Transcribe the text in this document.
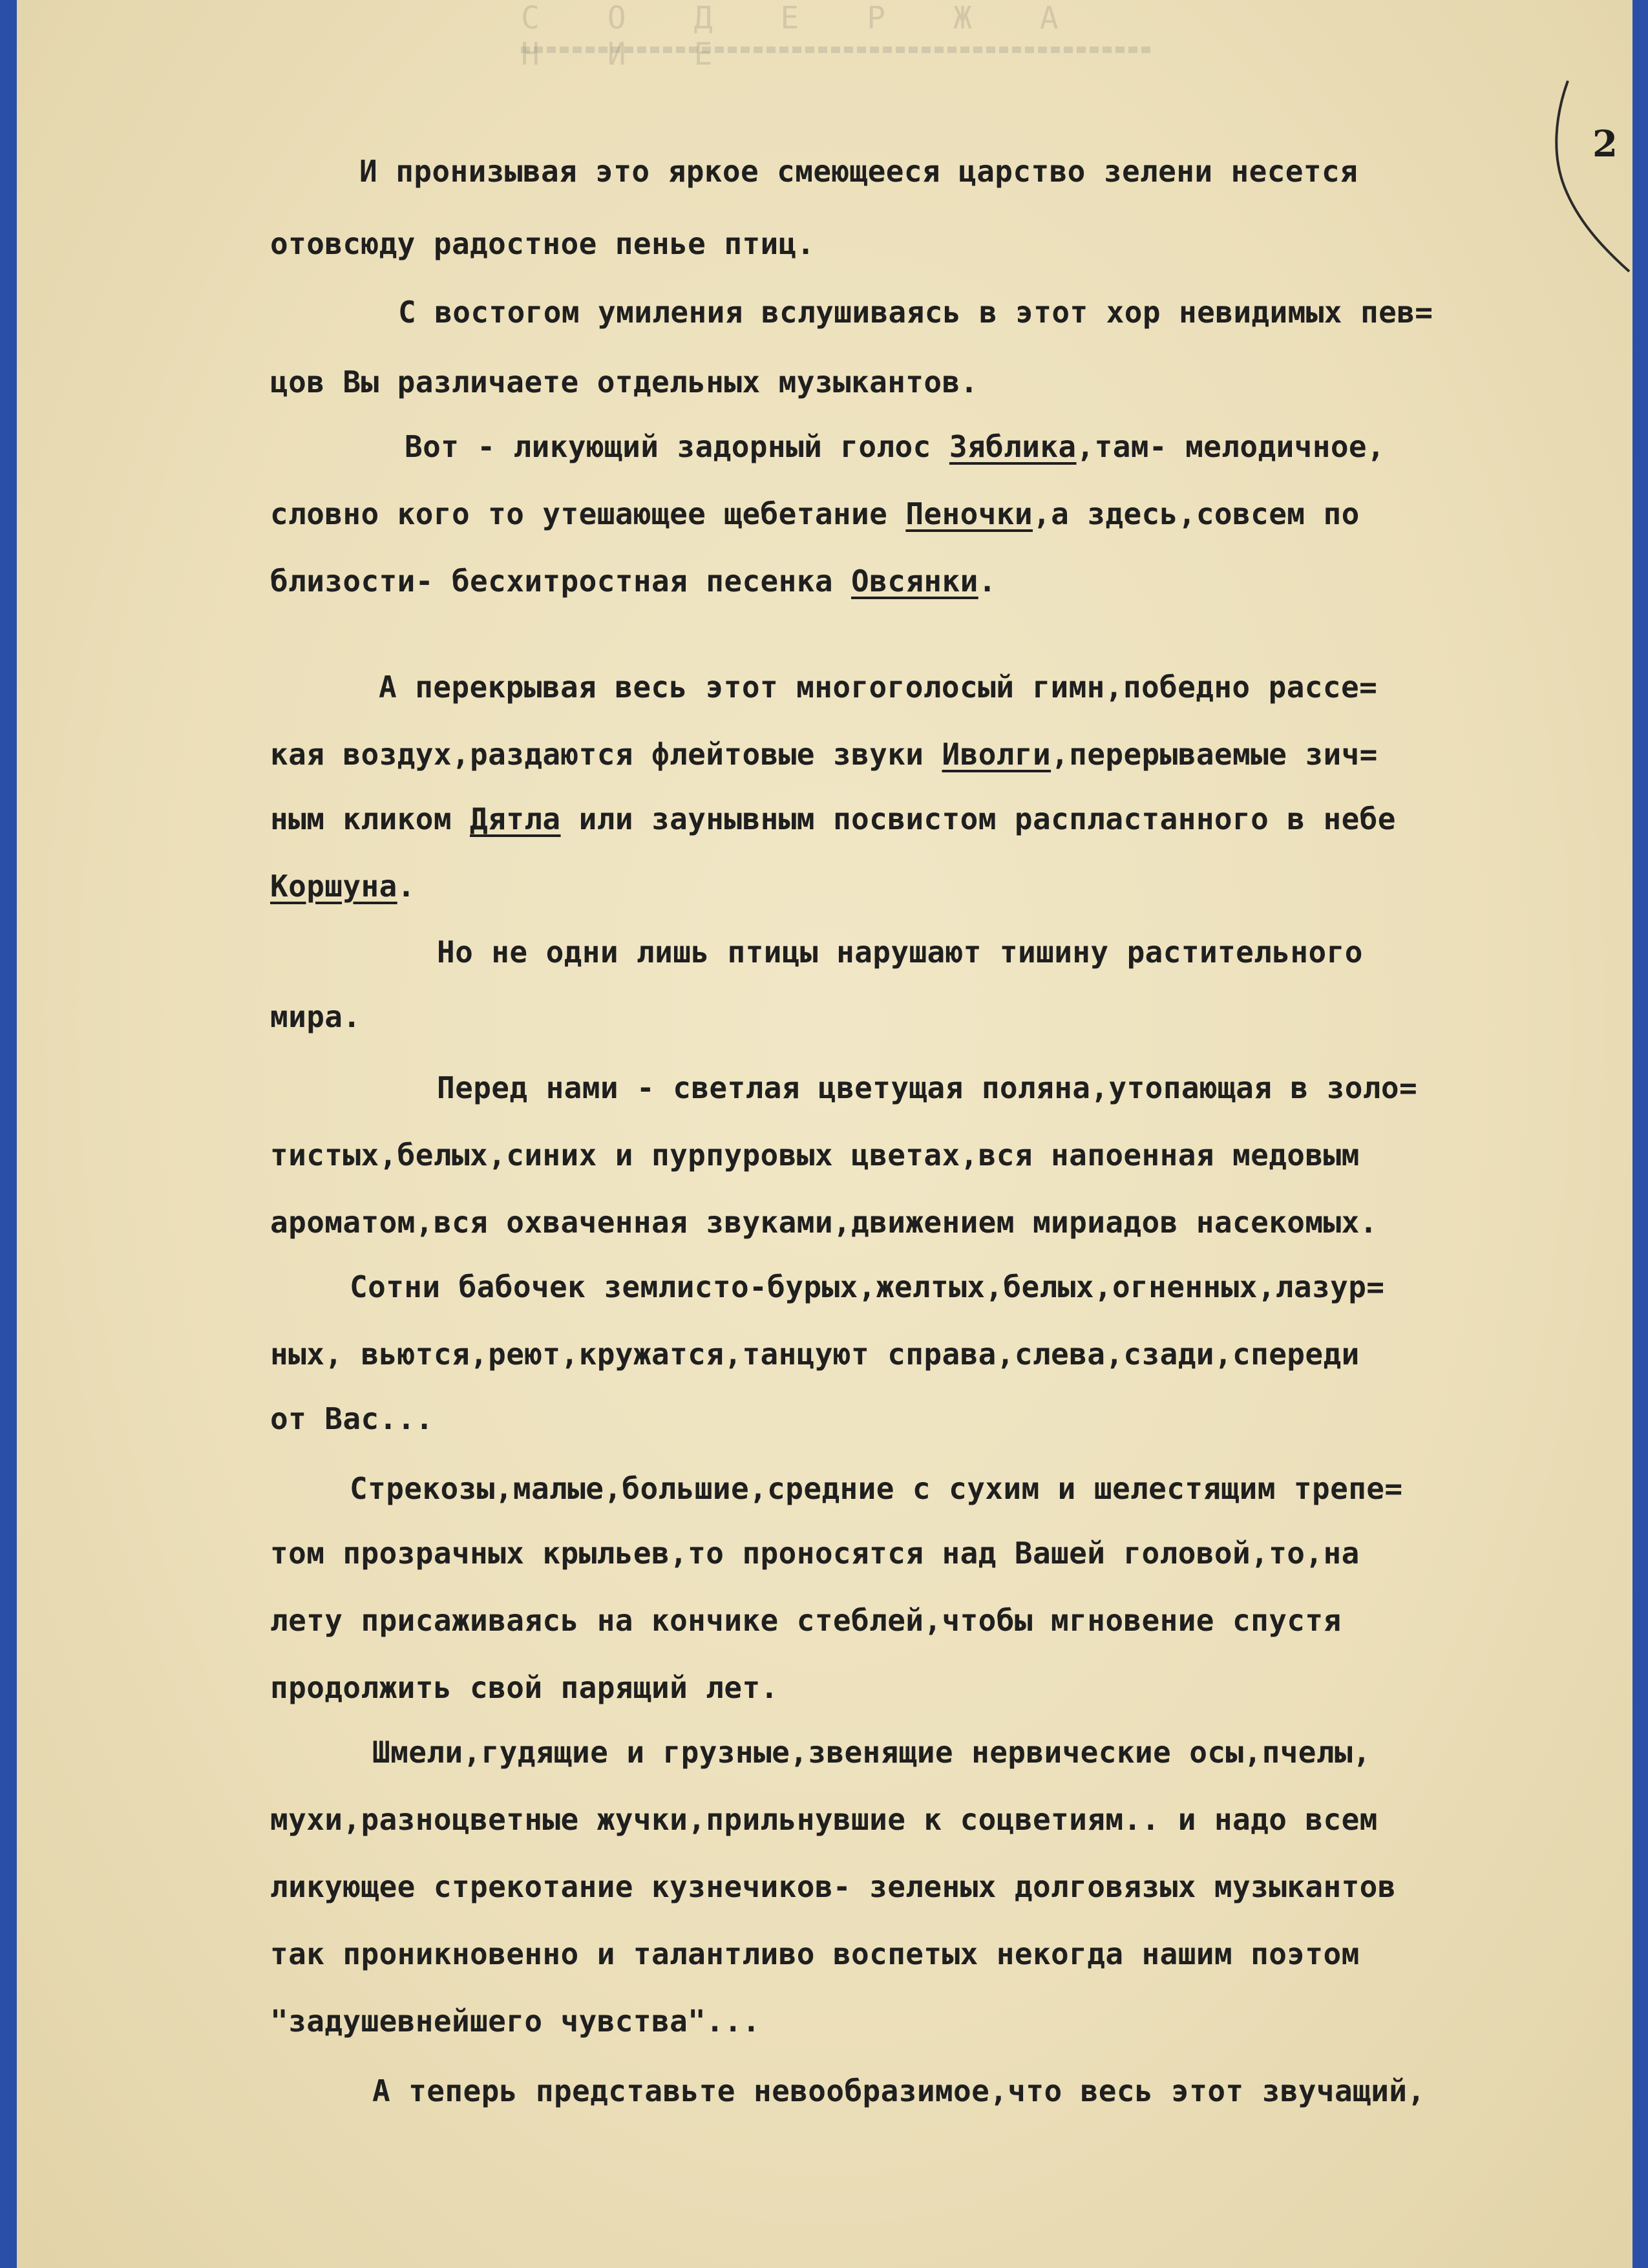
С О Д Е Р Ж А Н И Е
2
И пронизывая это яркое смеющееся царство зелени несется
отовсюду радостное пенье птиц.
С востогом умиления вслушиваясь в этот хор невидимых пев=
цов Вы различаете отдельных музыкантов.
Вот - ликующий задорный голос Зяблика,там- мелодичное,
словно кого то утешающее щебетание Пеночки,а здесь,совсем по
близости- бесхитростная песенка Овсянки.
А перекрывая весь этот многоголосый гимн,победно рассе=
кая воздух,раздаются флейтовые звуки Иволги,перерываемые зич=
ным кликом Дятла или заунывным посвистом распластанного в небе
Коршуна.
Но не одни лишь птицы нарушают тишину растительного
мира.
Перед нами - светлая цветущая поляна,утопающая в золо=
тистых,белых,синих и пурпуровых цветах,вся напоенная медовым
ароматом,вся охваченная звуками,движением мириадов насекомых.
Сотни бабочек землисто-бурых,желтых,белых,огненных,лазур=
ных, вьются,реют,кружатся,танцуют справа,слева,сзади,спереди
от Вас...
Стрекозы,малые,большие,средние с сухим и шелестящим трепе=
том прозрачных крыльев,то проносятся над Вашей головой,то,на
лету присаживаясь на кончике стеблей,чтобы мгновение спустя
продолжить свой парящий лет.
Шмели,гудящие и грузные,звенящие нервические осы,пчелы,
мухи,разноцветные жучки,прильнувшие к соцветиям.. и надо всем
ликующее стрекотание кузнечиков- зеленых долговязых музыкантов
так проникновенно и талантливо воспетых некогда нашим поэтом
"задушевнейшего чувства"...
А теперь представьте невообразимое,что весь этот звучащий,
